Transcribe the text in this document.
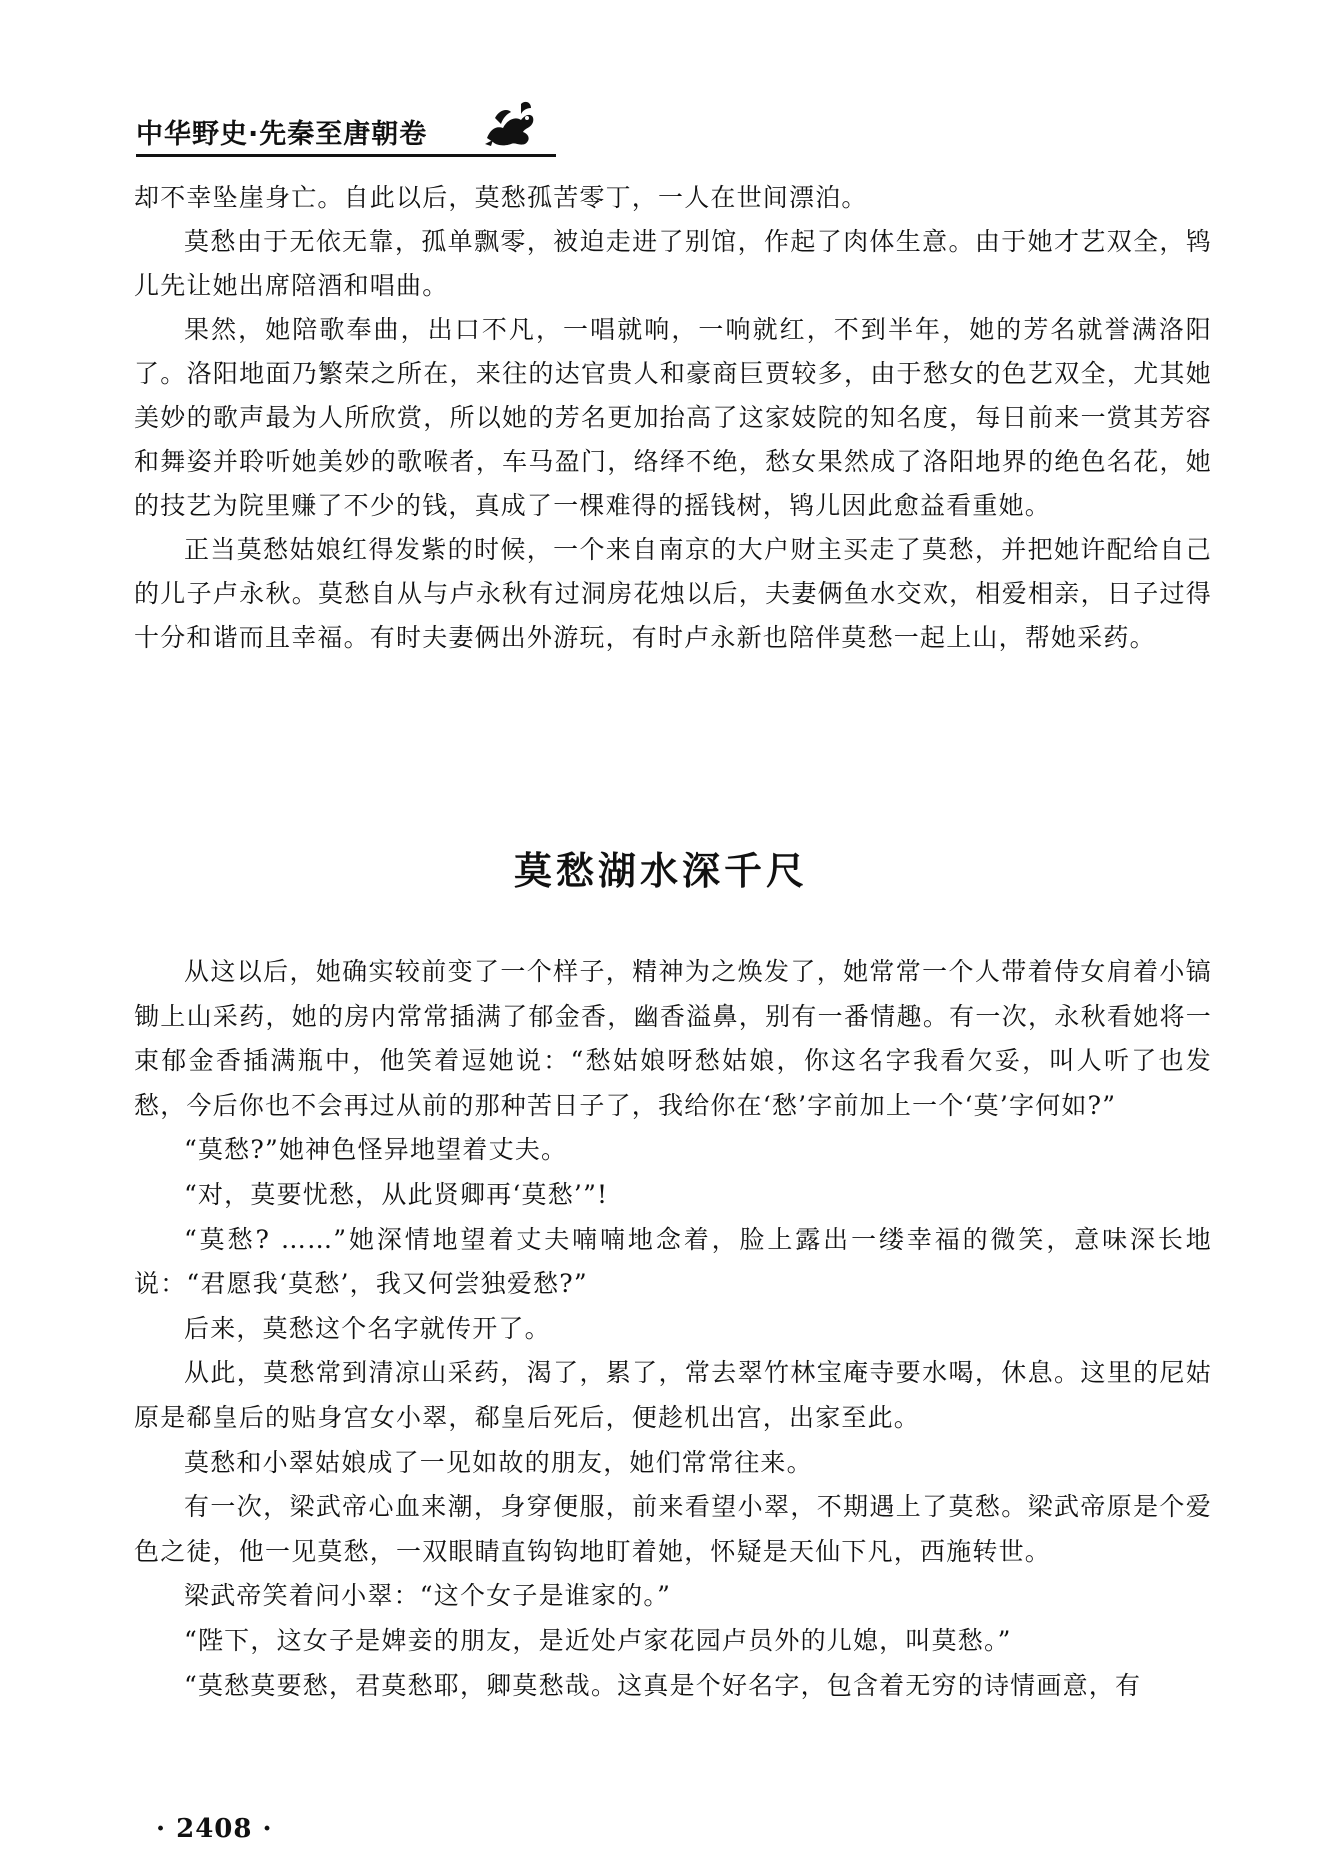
中华野史·先秦至唐朝卷

却不幸坠崖身亡。自此以后，莫愁孤苦零丁，一人在世间漂泊。

莫愁由于无依无靠，孤单飘零，被迫走进了别馆，作起了肉体生意。由于她才艺双全，鸨儿先让她出席陪酒和唱曲。

果然，她陪歌奉曲，出口不凡，一唱就响，一响就红，不到半年，她的芳名就誉满洛阳了。洛阳地面乃繁荣之所在，来往的达官贵人和豪商巨贾较多，由于愁女的色艺双全，尤其她美妙的歌声最为人所欣赏，所以她的芳名更加抬高了这家妓院的知名度，每日前来一赏其芳容和舞姿并聆听她美妙的歌喉者，车马盈门，络绎不绝，愁女果然成了洛阳地界的绝色名花，她的技艺为院里赚了不少的钱，真成了一棵难得的摇钱树，鸨儿因此愈益看重她。

正当莫愁姑娘红得发紫的时候，一个来自南京的大户财主买走了莫愁，并把她许配给自己的儿子卢永秋。莫愁自从与卢永秋有过洞房花烛以后，夫妻俩鱼水交欢，相爱相亲，日子过得十分和谐而且幸福。有时夫妻俩出外游玩，有时卢永新也陪伴莫愁一起上山，帮她采药。

莫愁湖水深千尺

从这以后，她确实较前变了一个样子，精神为之焕发了，她常常一个人带着侍女肩着小镐锄上山采药，她的房内常常插满了郁金香，幽香溢鼻，别有一番情趣。有一次，永秋看她将一束郁金香插满瓶中，他笑着逗她说：“愁姑娘呀愁姑娘，你这名字我看欠妥，叫人听了也发愁，今后你也不会再过从前的那种苦日子了，我给你在‘愁’字前加上一个‘莫’字何如?”

“莫愁?”她神色怪异地望着丈夫。

“对，莫要忧愁，从此贤卿再‘莫愁’”!

“莫愁? ……”她深情地望着丈夫喃喃地念着，脸上露出一缕幸福的微笑，意味深长地说：“君愿我‘莫愁’，我又何尝独爱愁?”

后来，莫愁这个名字就传开了。

从此，莫愁常到清凉山采药，渴了，累了，常去翠竹林宝庵寺要水喝，休息。这里的尼姑原是郗皇后的贴身宫女小翠，郗皇后死后，便趁机出宫，出家至此。

莫愁和小翠姑娘成了一见如故的朋友，她们常常往来。

有一次，梁武帝心血来潮，身穿便服，前来看望小翠，不期遇上了莫愁。梁武帝原是个爱色之徒，他一见莫愁，一双眼睛直钩钩地盯着她，怀疑是天仙下凡，西施转世。

梁武帝笑着问小翠：“这个女子是谁家的。”

“陛下，这女子是婢妾的朋友，是近处卢家花园卢员外的儿媳，叫莫愁。”

“莫愁莫要愁，君莫愁耶，卿莫愁哉。这真是个好名字，包含着无穷的诗情画意，有

· 2408 ·
